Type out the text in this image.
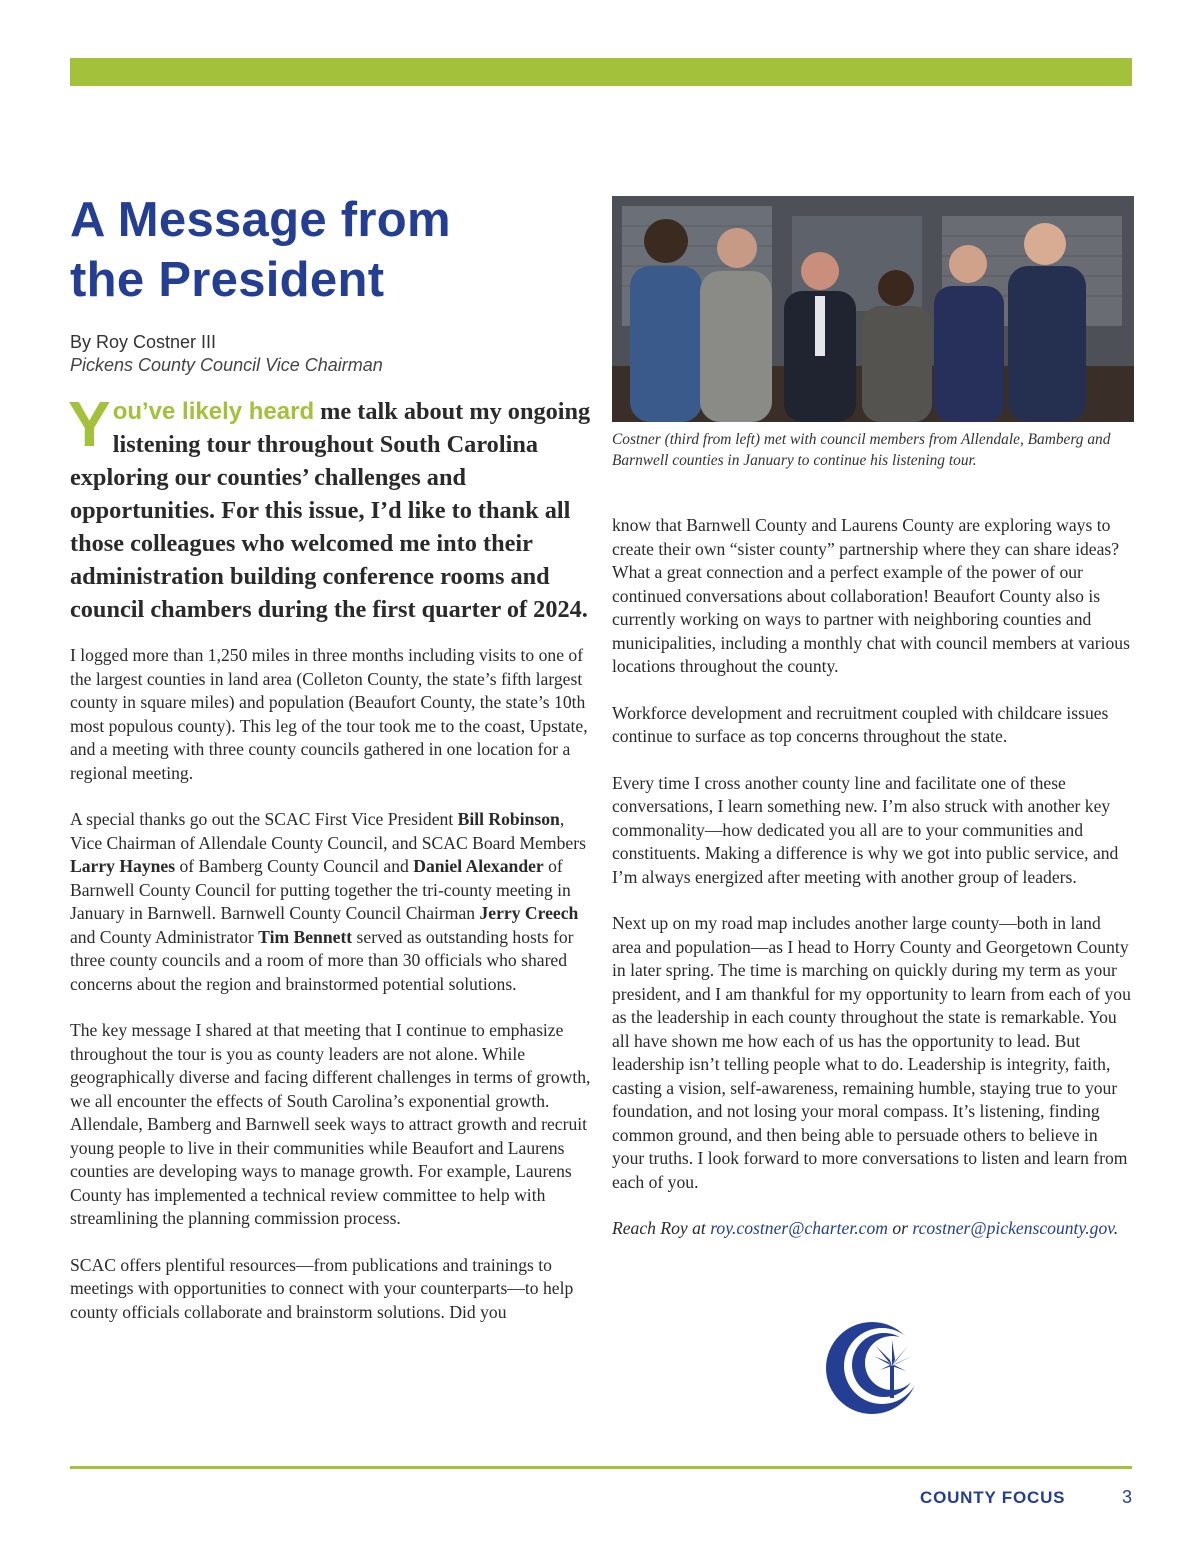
A Message from
the President
By Roy Costner III
Pickens County Council Vice Chairman
You’ve likely heard me talk about my ongoing listening tour throughout South Carolina exploring our counties’ challenges and opportunities. For this issue, I’d like to thank all those colleagues who welcomed me into their administration building conference rooms and council chambers during the first quarter of 2024.

I logged more than 1,250 miles in three months including visits to one of the largest counties in land area (Colleton County, the state’s fifth largest county in square miles) and population (Beaufort County, the state’s 10th most populous county). This leg of the tour took me to the coast, Upstate, and a meeting with three county councils gathered in one location for a regional meeting.

A special thanks go out the SCAC First Vice President Bill Robinson, Vice Chairman of Allendale County Council, and SCAC Board Members Larry Haynes of Bamberg County Council and Daniel Alexander of Barnwell County Council for putting together the tri-county meeting in January in Barnwell. Barnwell County Council Chairman Jerry Creech and County Administrator Tim Bennett served as outstanding hosts for three county councils and a room of more than 30 officials who shared concerns about the region and brainstormed potential solutions.

The key message I shared at that meeting that I continue to emphasize throughout the tour is you as county leaders are not alone. While geographically diverse and facing different challenges in terms of growth, we all encounter the effects of South Carolina’s exponential growth. Allendale, Bamberg and Barnwell seek ways to attract growth and recruit young people to live in their communities while Beaufort and Laurens counties are developing ways to manage growth. For example, Laurens County has implemented a technical review committee to help with streamlining the planning commission process.

SCAC offers plentiful resources—from publications and trainings to meetings with opportunities to connect with your counterparts—to help county officials collaborate and brainstorm solutions. Did you

Costner (third from left) met with council members from Allendale, Bamberg and Barnwell counties in January to continue his listening tour.

know that Barnwell County and Laurens County are exploring ways to create their own “sister county” partnership where they can share ideas? What a great connection and a perfect example of the power of our continued conversations about collaboration! Beaufort County also is currently working on ways to partner with neighboring counties and municipalities, including a monthly chat with council members at various locations throughout the county.

Workforce development and recruitment coupled with childcare issues continue to surface as top concerns throughout the state.

Every time I cross another county line and facilitate one of these conversations, I learn something new. I’m also struck with another key commonality—how dedicated you all are to your communities and constituents. Making a difference is why we got into public service, and I’m always energized after meeting with another group of leaders.

Next up on my road map includes another large county—both in land area and population—as I head to Horry County and Georgetown County in later spring. The time is marching on quickly during my term as your president, and I am thankful for my opportunity to learn from each of you as the leadership in each county throughout the state is remarkable. You all have shown me how each of us has the opportunity to lead. But leadership isn’t telling people what to do. Leadership is integrity, faith, casting a vision, self-awareness, remaining humble, staying true to your foundation, and not losing your moral compass. It’s listening, finding common ground, and then being able to persuade others to believe in your truths. I look forward to more conversations to listen and learn from each of you.

Reach Roy at roy.costner@charter.com or rcostner@pickenscounty.gov.

COUNTY FOCUS	3
